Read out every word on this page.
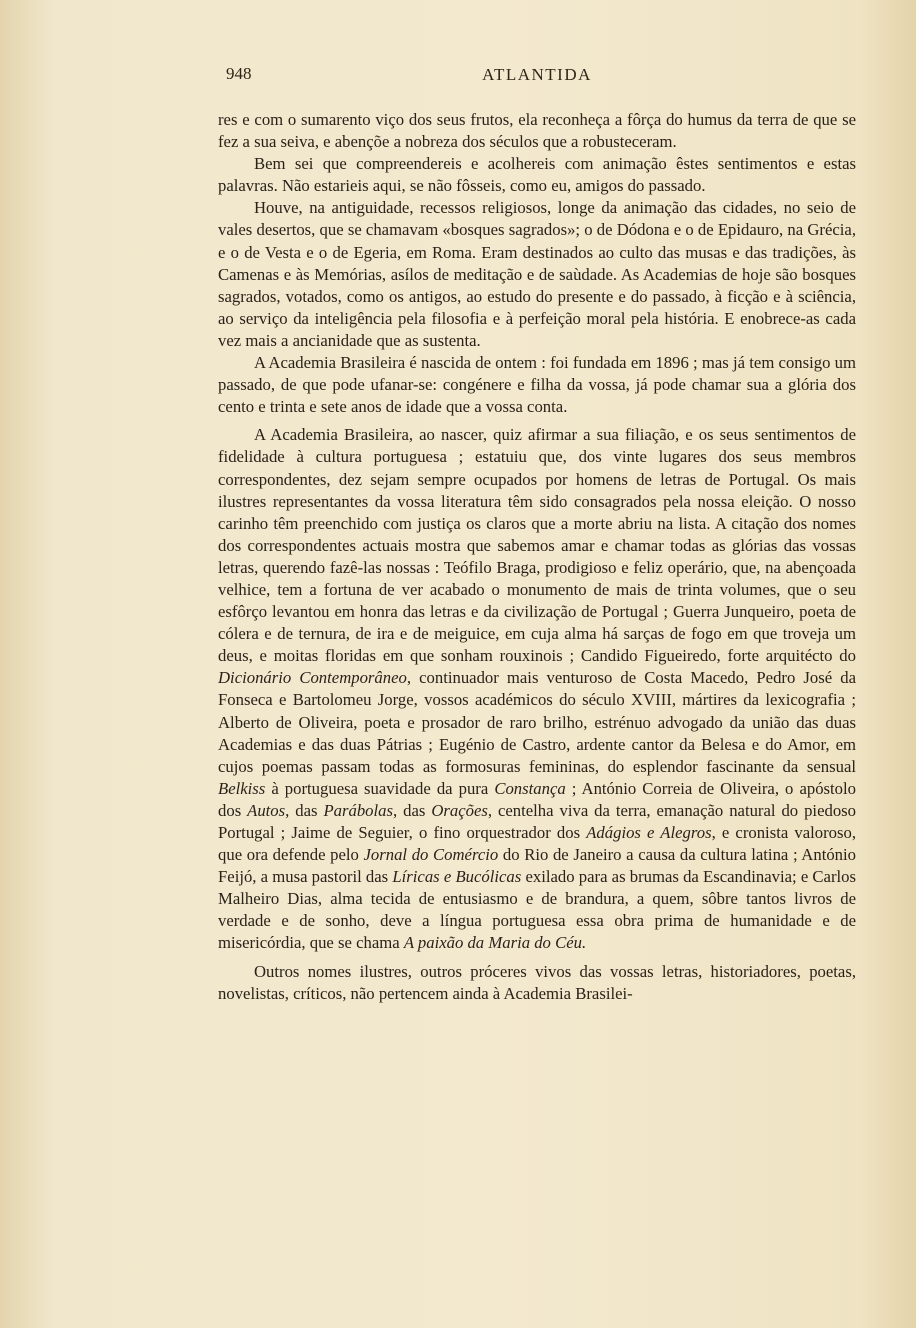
948	ATLANTIDA

res e com o sumarento viço dos seus frutos, ela reconheça a fôrça do humus da terra de que se fez a sua seiva, e abençõe a nobreza dos séculos que a robusteceram.

Bem sei que compreendereis e acolhereis com animação êstes sentimentos e estas palavras. Não estarieis aqui, se não fôsseis, como eu, amigos do passado.

Houve, na antiguidade, recessos religiosos, longe da animação das cidades, no seio de vales desertos, que se chamavam «bosques sagrados»; o de Dódona e o de Epidauro, na Grécia, e o de Vesta e o de Egeria, em Roma. Eram destinados ao culto das musas e das tradições, às Camenas e às Memórias, asílos de meditação e de saùdade. As Academias de hoje são bosques sagrados, votados, como os antigos, ao estudo do presente e do passado, à ficção e à sciência, ao serviço da inteligência pela filosofia e à perfeição moral pela história. E enobrece-as cada vez mais a ancianidade que as sustenta.

A Academia Brasileira é nascida de ontem : foi fundada em 1896 ; mas já tem consigo um passado, de que pode ufanar-se: congénere e filha da vossa, já pode chamar sua a glória dos cento e trinta e sete anos de idade que a vossa conta.

A Academia Brasileira, ao nascer, quiz afirmar a sua filiação, e os seus sentimentos de fidelidade à cultura portuguesa ; estatuiu que, dos vinte lugares dos seus membros correspondentes, dez sejam sempre ocupados por homens de letras de Portugal. Os mais ilustres representantes da vossa literatura têm sido consagrados pela nossa eleição. O nosso carinho têm preenchido com justiça os claros que a morte abriu na lista. A citação dos nomes dos correspondentes actuais mostra que sabemos amar e chamar todas as glórias das vossas letras, querendo fazê-las nossas : Teófilo Braga, prodigioso e feliz operário, que, na abençoada velhice, tem a fortuna de ver acabado o monumento de mais de trinta volumes, que o seu esfôrço levantou em honra das letras e da civilização de Portugal ; Guerra Junqueiro, poeta de cólera e de ternura, de ira e de meiguice, em cuja alma há sarças de fogo em que troveja um deus, e moitas floridas em que sonham rouxinois ; Candido Figueiredo, forte arquitécto do Dicionário Contemporâneo, continuador mais venturoso de Costa Macedo, Pedro José da Fonseca e Bartolomeu Jorge, vossos académicos do século XVIII, mártires da lexicografia ; Alberto de Oliveira, poeta e prosador de raro brilho, estrénuo advogado da união das duas Academias e das duas Pátrias ; Eugénio de Castro, ardente cantor da Belesa e do Amor, em cujos poemas passam todas as formosuras femininas, do esplendor fascinante da sensual Belkiss à portuguesa suavidade da pura Constança ; António Correia de Oliveira, o apóstolo dos Autos, das Parábolas, das Orações, centelha viva da terra, emanação natural do piedoso Portugal ; Jaime de Seguier, o fino orquestrador dos Adágios e Alegros, e cronista valoroso, que ora defende pelo Jornal do Comércio do Rio de Janeiro a causa da cultura latina ; António Feijó, a musa pastoril das Líricas e Bucólicas exilado para as brumas da Escandinavia; e Carlos Malheiro Dias, alma tecida de entusiasmo e de brandura, a quem, sôbre tantos livros de verdade e de sonho, deve a língua portuguesa essa obra prima de humanidade e de misericórdia, que se chama A paixão da Maria do Céu.

Outros nomes ilustres, outros próceres vivos das vossas letras, historiadores, poetas, novelistas, críticos, não pertencem ainda à Academia Brasilei-
